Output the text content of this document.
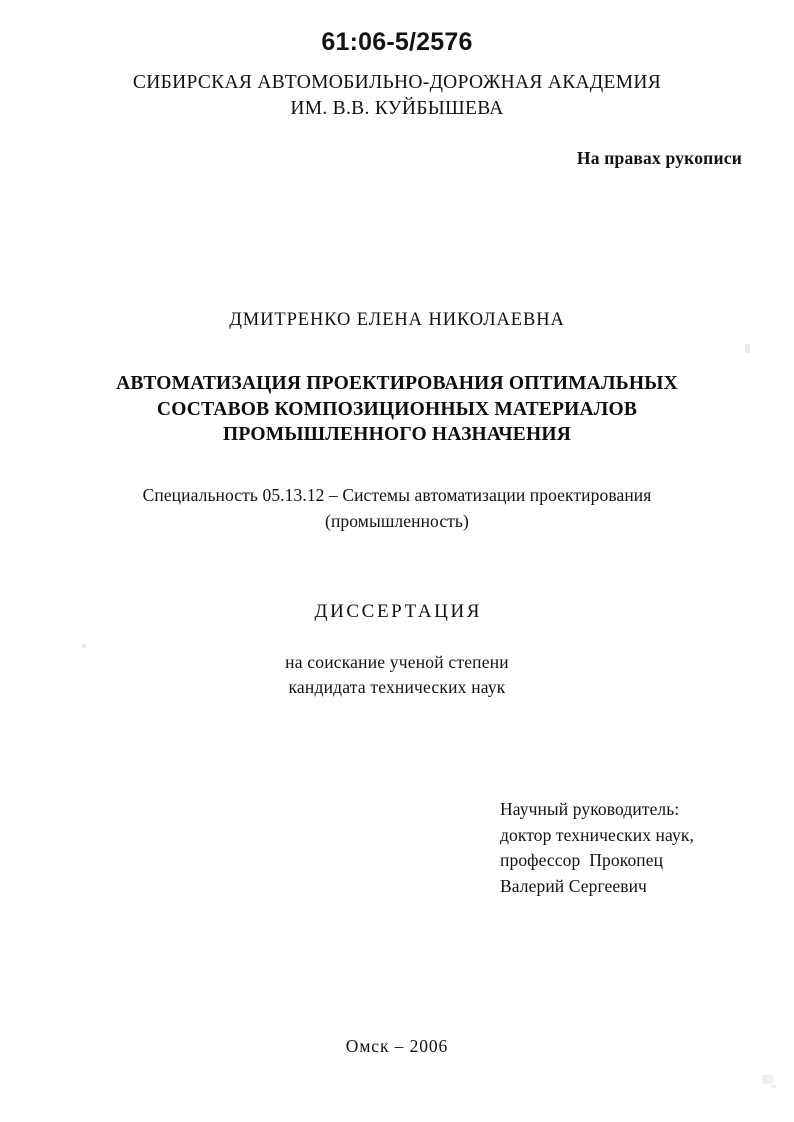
61:06-5/2576
СИБИРСКАЯ АВТОМОБИЛЬНО-ДОРОЖНАЯ АКАДЕМИЯ
ИМ. В.В. КУЙБЫШЕВА
На правах рукописи
ДМИТРЕНКО ЕЛЕНА НИКОЛАЕВНА
АВТОМАТИЗАЦИЯ ПРОЕКТИРОВАНИЯ ОПТИМАЛЬНЫХ
СОСТАВОВ КОМПОЗИЦИОННЫХ МАТЕРИАЛОВ
ПРОМЫШЛЕННОГО НАЗНАЧЕНИЯ
Специальность 05.13.12 – Системы автоматизации проектирования
(промышленность)
ДИССЕРТАЦИЯ
на соискание ученой степени
кандидата технических наук
Научный руководитель:
доктор технических наук,
профессор  Прокопец
Валерий Сергеевич
Омск – 2006
